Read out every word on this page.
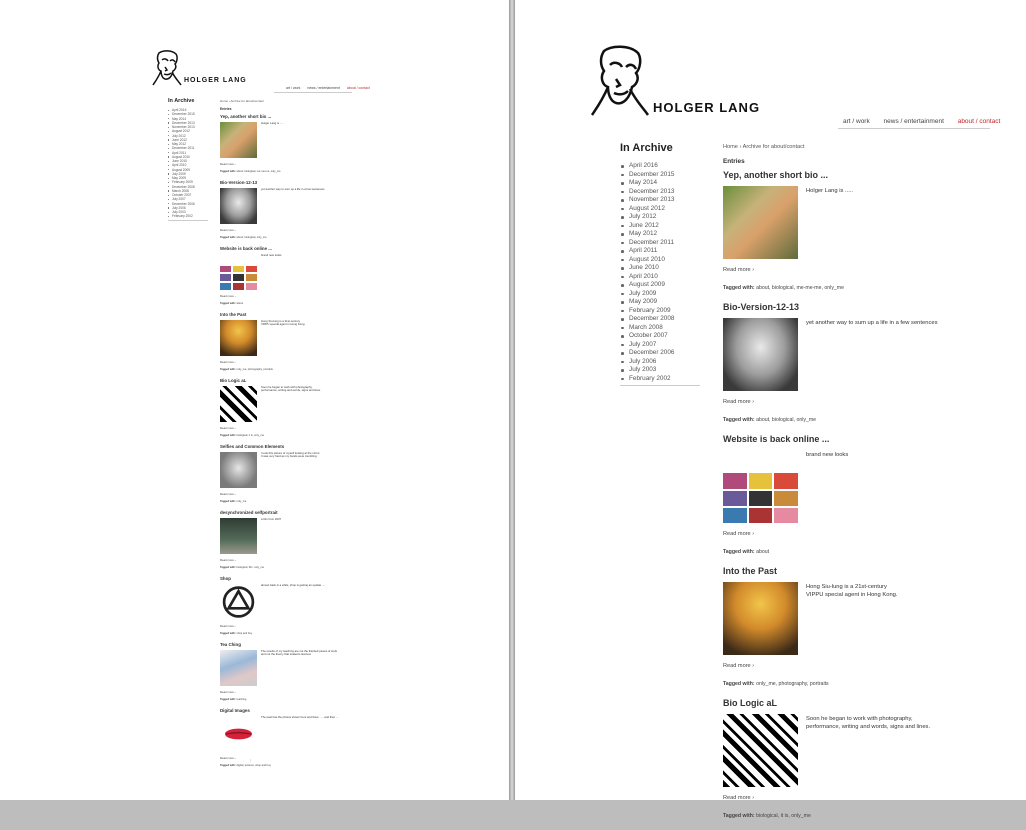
HOLGER LANG
art / work news / entertainment about / contact
In Archive
April 2016
December 2015
May 2014
December 2013
November 2013
August 2012
July 2012
June 2012
May 2012
December 2011
April 2011
August 2010
June 2010
April 2010
August 2009
July 2009
May 2009
February 2009
December 2008
March 2008
October 2007
July 2007
December 2006
July 2006
July 2003
February 2002
Home › Archive for about/contact
Entries
Yep, another short bio ...
Holger Lang is .....
Read more ›
Tagged with: about, biological, me-me-me, only_me
Bio-Version-12-13
yet another way to sum up a life in a few sentences
Read more ›
Tagged with: about, biological, only_me
Website is back online ...
brand new looks
Read more ›
Tagged with: about
Into the Past
Hong Siu-lung is a 21st-century
VIPPU special agent in Hong Kong.
Read more ›
Tagged with: only_me, photography, portraits
Bio Logic aL
Soon he began to work with photography,
performance, writing and words, signs and lines.
Read more ›
Tagged with: biological, it is, only_me
Selfies and Common Elements
I took this picture of myself looking at the mirror.
It was very hard as my hands were trembling.
Read more ›
Tagged with: only_me
desynchronized selfportrait
a film from 2007
Read more ›
Tagged with: biological, film, only_me
Shop
almost back in a while, shop is getting an update ....
Read more ›
Tagged with: shop and buy
Tea Ching
The results of my teaching are not the finished pieces of work
and not the theory that students learned.
Read more ›
Tagged with: teaching
Digital Images
The past has the photos shown here and there ..... and then ....
Read more ›
Tagged with: digital, pictures, shop and buy
|
HOLGER LANG
art / work news / entertainment about / contact
In Archive
April 2016
December 2015
May 2014
December 2013
November 2013
August 2012
July 2012
June 2012
May 2012
December 2011
April 2011
August 2010
June 2010
April 2010
August 2009
July 2009
May 2009
February 2009
December 2008
March 2008
October 2007
July 2007
December 2006
July 2006
July 2003
February 2002
Home › Archive for about/contact
Entries
Yep, another short bio ...
Holger Lang is .....
Read more ›
Tagged with: about, biological, me-me-me, only_me
Bio-Version-12-13
yet another way to sum up a life in a few sentences
Read more ›
Tagged with: about, biological, only_me
Website is back online ...
brand new looks
Read more ›
Tagged with: about
Into the Past
Hong Siu-lung is a 21st-century
VIPPU special agent in Hong Kong.
Read more ›
Tagged with: only_me, photography, portraits
Bio Logic aL
Soon he began to work with photography,
performance, writing and words, signs and lines.
Read more ›
Tagged with: biological, it is, only_me
